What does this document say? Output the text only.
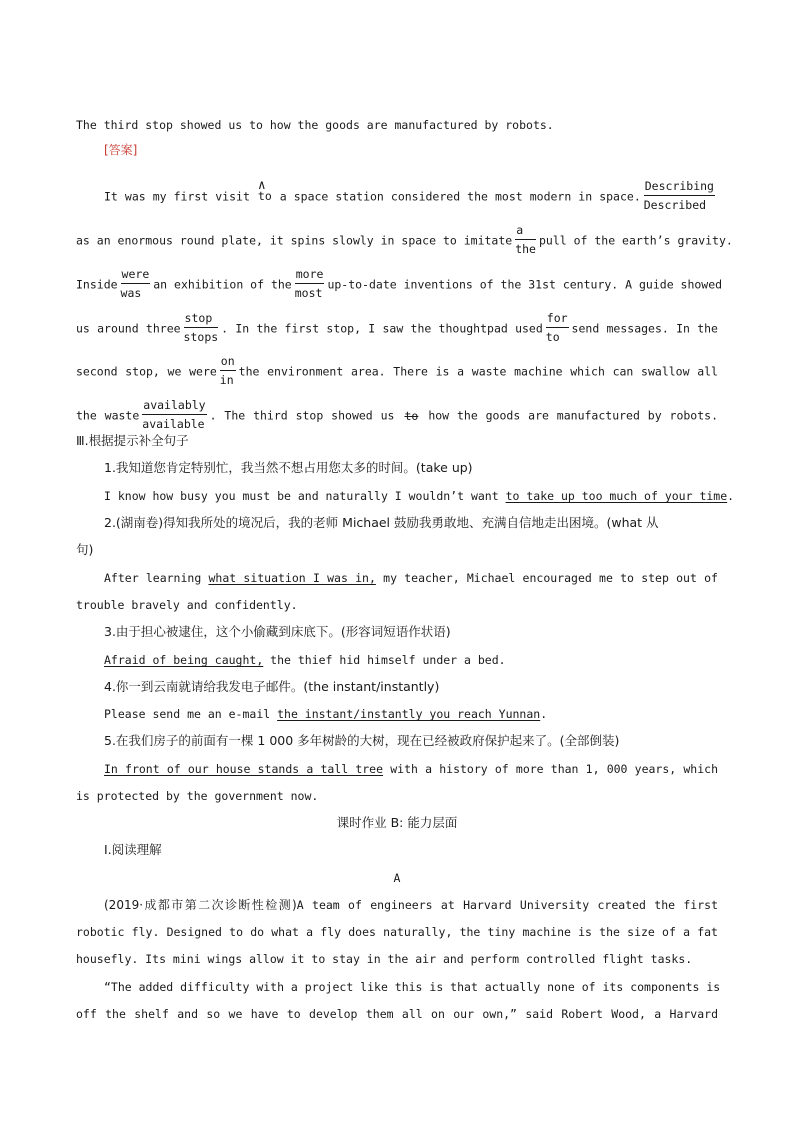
The third stop showed us to how the goods are manufactured by robots.
[答案]
It was my first visit
∧
to a space station considered the most modern in space. $\frac{\text{Describing}}{\text{Described}}$
as an enormous round plate, it spins slowly in space to imitate $\frac{a}{\text{the}}$ pull of the earth’s gravity.
Inside $\frac{\text{were}}{\text{was}}$ an exhibition of the $\frac{\text{more}}{\text{most}}$ up-to-date inventions of the 31st century. A guide showed
us around three $\frac{\text{stop}}{\text{stops}}$ . In the first stop, I saw the thoughtpad used $\frac{\text{for}}{to}$ send messages. In the
second stop, we were $\frac{on}{in}$ the environment area. There is a waste machine which can swallow all
the waste $\frac{\text{availably}}{\text{available}}$ . The third stop showed us to how the goods are manufactured by robots.
Ⅲ.根据提示补全句子
1.我知道您肯定特别忙，我当然不想占用您太多的时间。(take up)
I know how busy you must be and naturally I wouldn’t want to take up too much of your time.
2.(湖南卷)得知我所处的境况后，我的老师 Michael 鼓励我勇敢地、充满自信地走出困境。(what 从
句)
After learning what situation I was in, my teacher, Michael encouraged me to step out of
trouble bravely and confidently.
3.由于担心被逮住，这个小偷藏到床底下。(形容词短语作状语)
Afraid of being caught, the thief hid himself under a bed.
4.你一到云南就请给我发电子邮件。(the instant/instantly)
Please send me an e-mail the instant/instantly you reach Yunnan.
5.在我们房子的前面有一棵 1 000 多年树龄的大树，现在已经被政府保护起来了。(全部倒装)
In front of our house stands a tall tree with a history of more than 1, 000 years, which
is protected by the government now.
课时作业 B: 能力层面
Ⅰ.阅读理解
A
(2019·成都市第二次诊断性检测)A team of engineers at Harvard University created the first
robotic fly. Designed to do what a fly does naturally, the tiny machine is the size of a fat
housefly. Its mini wings allow it to stay in the air and perform controlled flight tasks.
“The added difficulty with a project like this is that actually none of its components is
off the shelf and so we have to develop them all on our own,” said Robert Wood, a Harvard
